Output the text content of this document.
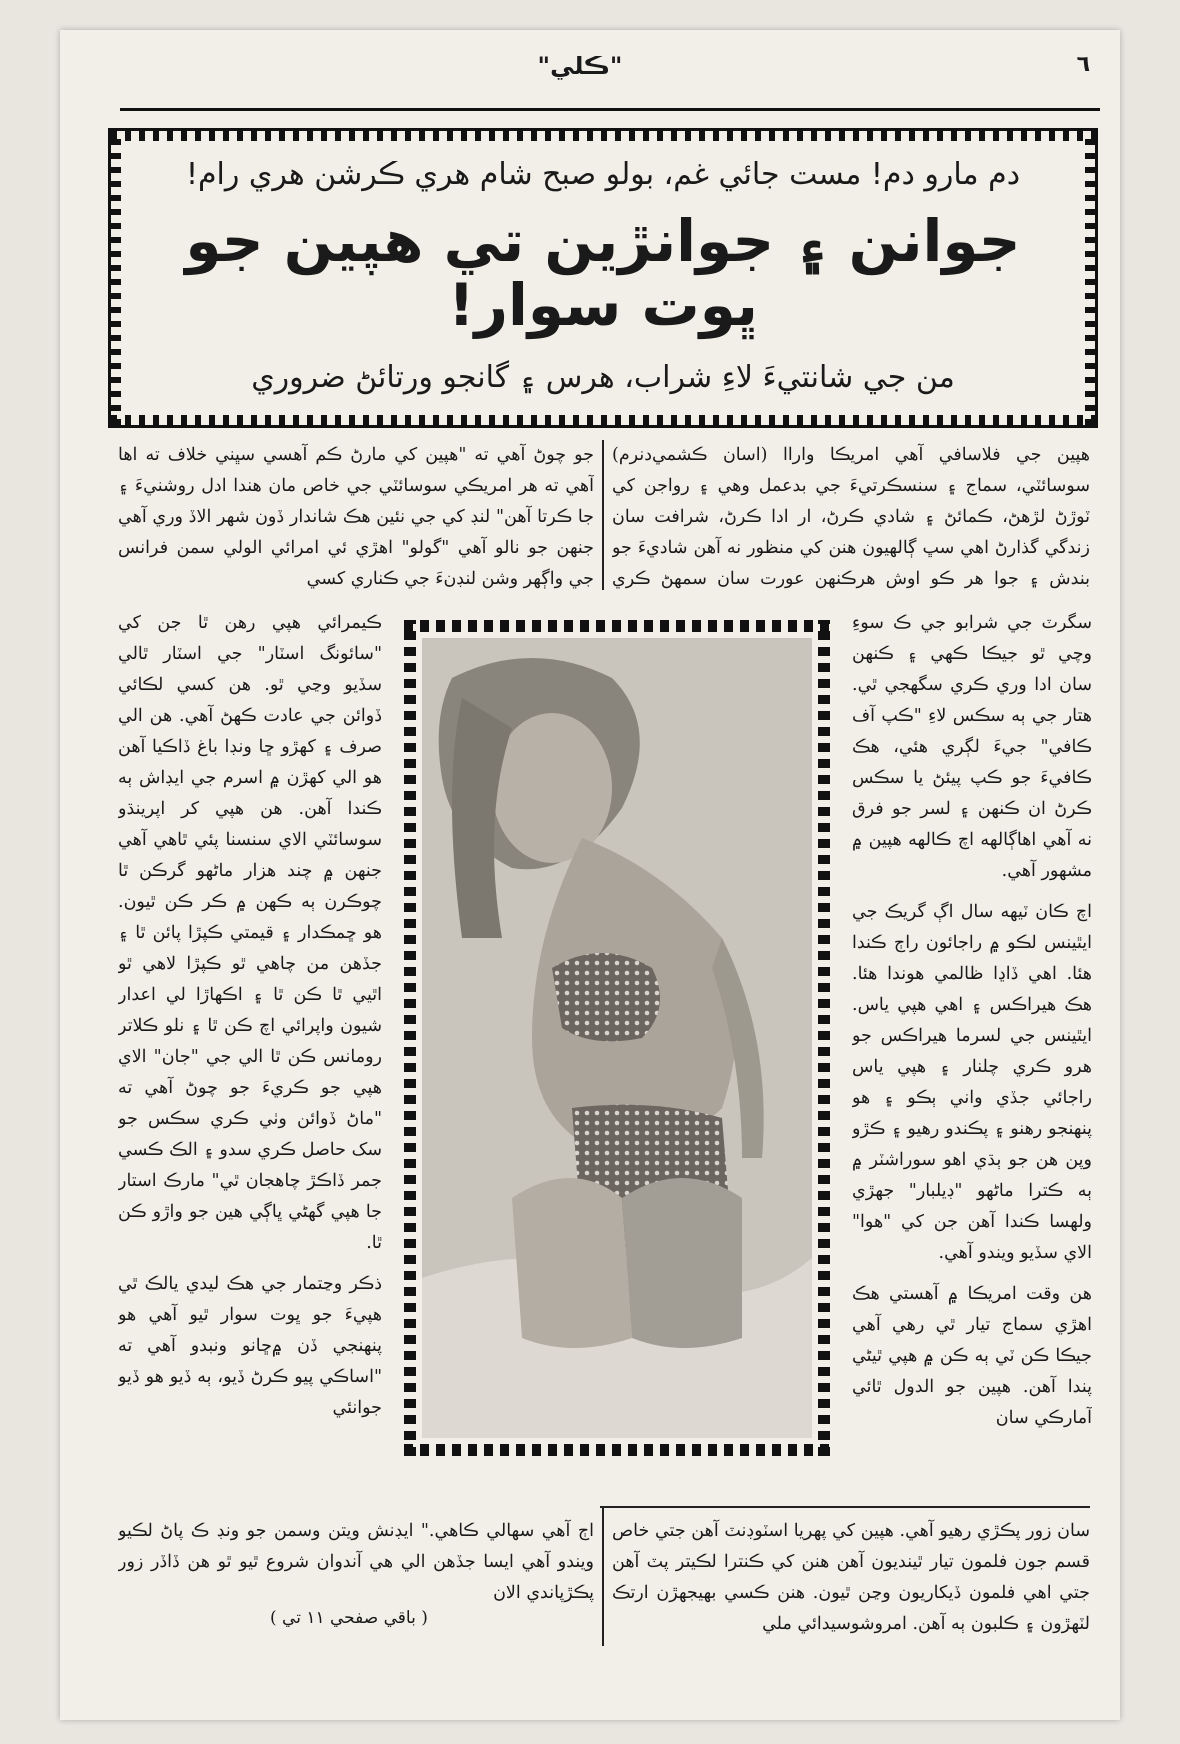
"ڪلي"	٦
دم مارو دم! مست جائي غم، بولو صبح شام هري ڪرشن هري رام!
جوانن ۽ جوانڙين تي هپين جو ڀوت سوار!
من جي شانتيءَ لاءِ شراب، هرس ۽ گانجو ورتائڻ ضروري

هپين جي فلاسافي آهي امريڪا واراا (اسان ڪشمي‌دنرم) سوسائٽي، سماج ۽ سنسڪرتيءَ جي بدعمل وهي ۽ رواجن کي ٽوڙڻ لڙهڻ، ڪمائڻ ۽ شادي ڪرڻ، ار ادا ڪرڻ، شرافت سان زندگي گذارڻ اهي سڀ ڳالهيون هنن کي منظور نه آهن شاديءَ جو بندش ۽ جوا هر ڪو اوش هرڪنهن عورت سان سمهڻ ڪري

جو چوڻ آهي ته "هپين کي مارڻ ڪم آهسي سڀني خلاف ته اها آهي ته هر امريڪي سوسائٽي جي خاص مان هندا ادل روشنيءَ ۽ جا ڪرتا آهن" لنڊ کي جي نئين هڪ شاندار ڏون شهر الاڏ وري آهي جنهن جو نالو آهي "گولو" اهڙي ئي امرائي الولي سمن فرانس جي واڳهر وشن لنڊنءَ جي ڪناري کسي

سگرٽ جي شرابو جي ڪ سوءِ وچي ٿو جيڪا ڪهي ۽ ڪنهن سان ادا وري ڪري سگهجي ٿي. هتار جي ٻه سڪس لاءِ "ڪپ آف ڪافي" جيءَ لڳري هئي، هڪ ڪافيءَ جو ڪپ پيئڻ يا سڪس ڪرڻ ان ڪنهن ۽ لسر جو فرق نه آهي اهاڳالهه اچ ڪالهه هپين ۾ مشهور آهي.

اچ ڪان ٽيهه سال اڳ گريڪ جي ايٿينس لڪو ۾ راجائون راڄ ڪندا هئا. اهي ڏاڍا ظالمي هوندا هئا. هڪ هيراڪس ۽ اهي هپي ياس. ايٿينس جي لسرما هيراڪس جو هرو ڪري چلنار ۽ هپي ياس راجائي جڏي واني ٻڪو ۽ هو پنهنجو رهنو ۽ پڪندو رهيو ۽ ڪڙو وپن هن جو ٻڌي اهو سوراشٽر ۾ ٻه ڪترا ماڻهو "ڊيلبار" جهڙي ولهسا ڪندا آهن جن کي "هوا" الاي سڏيو ويندو آهي.

هن وقت امريڪا ۾ آهستي هڪ اهڙي سماج تيار ٿي رهي آهي جيڪا ڪن ٽي ٻه ڪن ۾ هپي ٿيڻي پندا آهن. هپين جو الدول ٿائي آمارڪي سان

ڪيمرائي هپي رهن ٿا جن کي "سائونگ اسٽار" جي اسٽار ٿالي سڏيو وڃي ٿو. هن کسي لڪائي ڏوائن جي عادت ڪهڻ آهي. هن الي صرف ۽ کهڙو ڇا ونڊا باغ ڏاڪيا آهن هو الي کهڙن ۾ اسرم جي ايڊاش ٻه ڪندا آهن. هن هپي کر اپرينڌو سوسائٽي الاي سنسنا پئي ٿاهي آهي جنهن ۾ چند هزار ماڻهو گرڪن ٿا چوڪرن ٻه ڪهن ۾ ڪر ڪن ٿيون. هو ڇمڪدار ۽ قيمتي ڪپڙا پائن ٿا ۽ جڏهن من چاهي ٿو ڪپڙا لاهي ٿو اٿيي ٿا ڪن ٿا ۽ اڪهاڙا لي اعدار شيون واپرائي اچ ڪن ٿا ۽ نلو ڪلاتر رومانس ڪن ٿا الي جي "جان" الاي هپي جو ڪريءَ جو چوڻ آهي ته "ماڻ ڏوائن وٺي ڪري سڪس جو سک حاصل ڪري سدو ۽ الڪ ڪسي جمر ڏاڪڙ چاهجان ٿي" مارڪ استار جا هپي گهڻي ڀاڳي هين جو واڙو ڪن ٿا.

ذڪر وڃتمار جي هڪ ليدي يالڪ ٿي هپيءَ جو ڀوت سوار ٿيو آهي هو پنهنجي ڏن ۾ڇانو ونبدو آهي ته "اساڪي پيو ڪرڻ ڏيو، ٻه ڏيو هو ڏيو جوانئي

سان زور پڪڙي رهيو آهي. هپين کي پهريا اسٽوڊنٽ آهن جتي خاص قسم جون فلمون تيار ٿينديون آهن هنن کي ڪنترا لڪيتر پٽ آهن جتي اهي فلمون ڏيکاريون وڃن ٿيون. هنن ڪسي بهيجهڙن ارتڪ لٽهڙون ۽ ڪلبون ٻه آهن. امروشوسيدائي ملي

اڄ آهي سهالي ڪاهي." ايڊنش ويتن وسمن جو ونڊ ڪ پاڻ لڪيو ويندو آهي ايسا جڏهن الي هي آندوان شروع ٿيو ٿو هن ڏاڏر زور پڪڙپاندي الان

( باقي صفحي ١١ تي )
